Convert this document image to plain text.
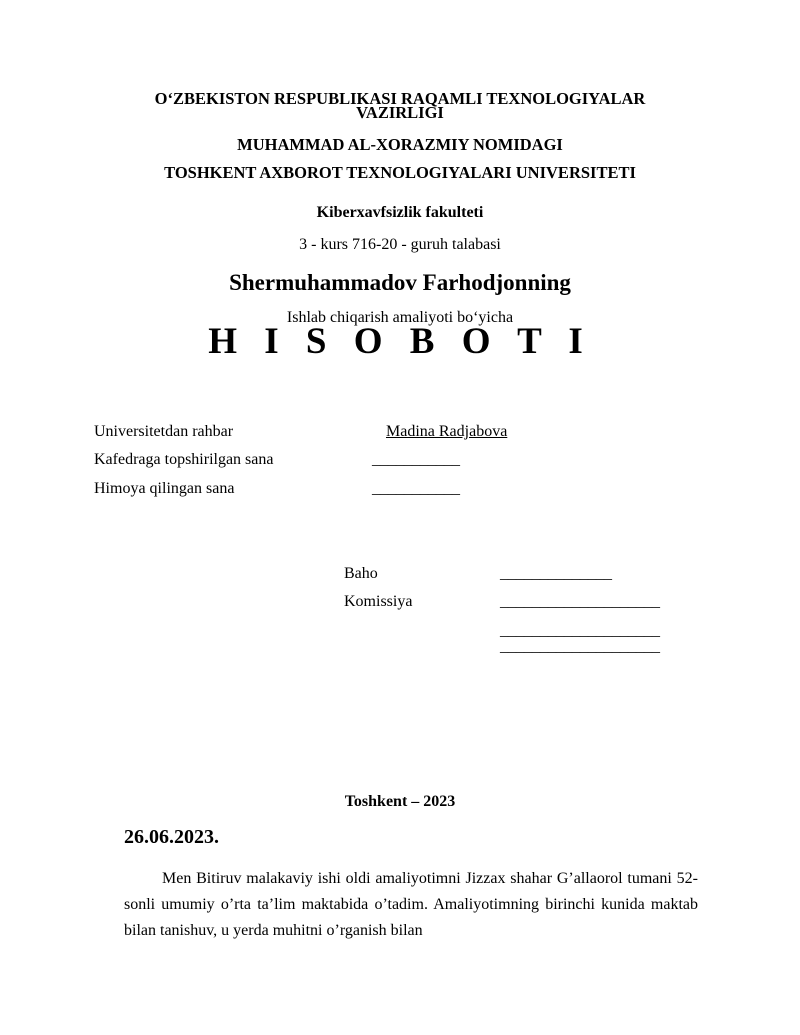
O‘ZBEKISTON RESPUBLIKASI RAQAMLI TEXNOLOGIYALAR
VAZIRLIGI
MUHAMMAD AL-XORAZMIY NOMIDAGI
TOSHKENT AXBOROT TEXNOLOGIYALARI UNIVERSITETI
Kiberxavfsizlik fakulteti
3 - kurs 716-20 - guruh talabasi
Shermuhammadov Farhodjonning
Ishlab chiqarish amaliyoti bo‘yicha
H I S O B O T I
Universitetdan rahbar	Madina Radjabova
Kafedraga topshirilgan sana	___________
Himoya qilingan sana	___________
Baho	______________
Komissiya	____________________
____________________
____________________
Toshkent – 2023
26.06.2023.
Men Bitiruv malakaviy ishi oldi amaliyotimni Jizzax shahar G’allaorol tumani 52-sonli umumiy o’rta ta’lim maktabida o’tadim. Amaliyotimning birinchi kunida maktab bilan tanishuv, u yerda muhitni o’rganish bilan
